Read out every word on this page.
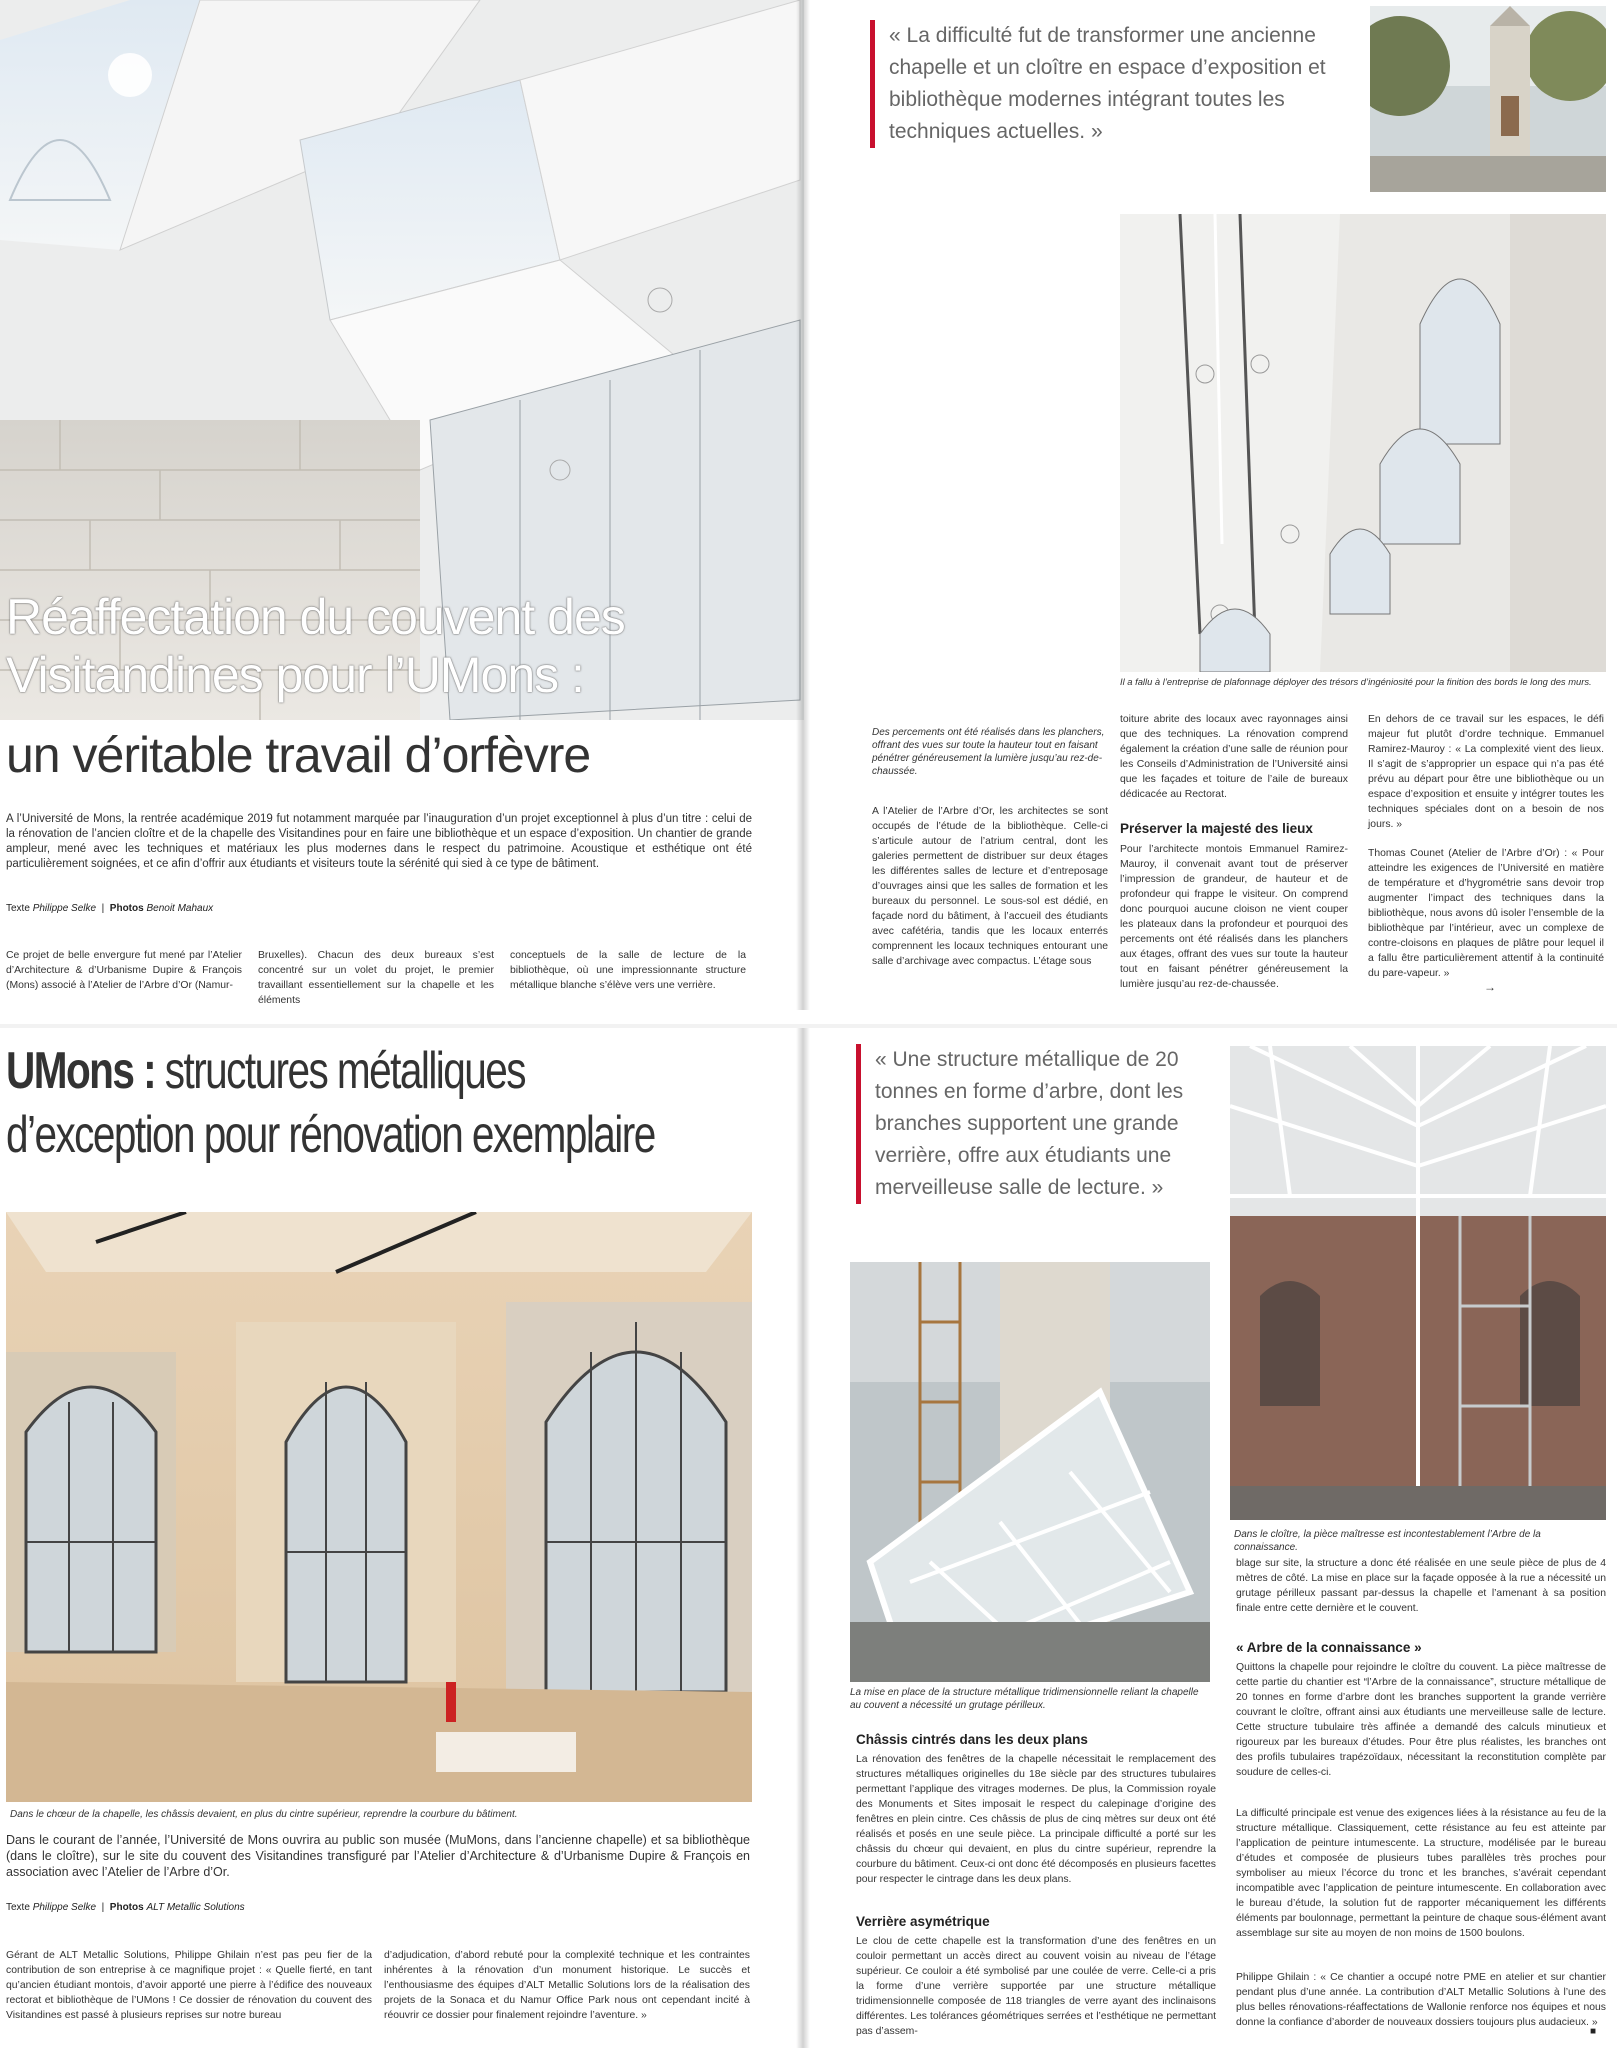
Réaffectation du couvent des
Visitandines pour l’UMons :
un véritable travail d’orfèvre
A l’Université de Mons, la rentrée académique 2019 fut notamment marquée par l’inauguration d’un projet exceptionnel à plus d’un titre : celui de la rénovation de l’ancien cloître et de la chapelle des Visitandines pour en faire une bibliothèque et un espace d’exposition. Un chantier de grande ampleur, mené avec les techniques et matériaux les plus modernes dans le respect du patrimoine. Acoustique et esthétique ont été particulièrement soignées, et ce afin d’offrir aux étudiants et visiteurs toute la sérénité qui sied à ce type de bâtiment.
Texte Philippe Selke | Photos Benoit Mahaux
Ce projet de belle envergure fut mené par l’Atelier d’Architecture & d’Urbanisme Dupire & François (Mons) associé à l’Atelier de l’Arbre d’Or (Namur-
Bruxelles). Chacun des deux bureaux s’est concentré sur un volet du projet, le premier travaillant essentiellement sur la chapelle et les éléments
conceptuels de la salle de lecture de la bibliothèque, où une impressionnante structure métallique blanche s’élève vers une verrière.
« La difficulté fut de transformer une ancienne chapelle et un cloître en espace d’exposition et bibliothèque modernes intégrant toutes les techniques actuelles. »
Il a fallu à l’entreprise de plafonnage déployer des trésors d’ingéniosité pour la finition des bords le long des murs.
Des percements ont été réalisés dans les planchers, offrant des vues sur toute la hauteur tout en faisant pénétrer généreusement la lumière jusqu’au rez-de-chaussée.
A l’Atelier de l’Arbre d’Or, les architectes se sont occupés de l’étude de la bibliothèque. Celle-ci s’articule autour de l’atrium central, dont les galeries permettent de distribuer sur deux étages les différentes salles de lecture et d’entreposage d’ouvrages ainsi que les salles de formation et les bureaux du personnel. Le sous-sol est dédié, en façade nord du bâtiment, à l’accueil des étudiants avec cafétéria, tandis que les locaux enterrés comprennent les locaux techniques entourant une salle d’archivage avec compactus. L’étage sous
toiture abrite des locaux avec rayonnages ainsi que des techniques. La rénovation comprend également la création d’une salle de réunion pour les Conseils d’Administration de l’Université ainsi que les façades et toiture de l’aile de bureaux dédicacée au Rectorat.
Préserver la majesté des lieux
Pour l’architecte montois Emmanuel Ramirez-Mauroy, il convenait avant tout de préserver l’impression de grandeur, de hauteur et de profondeur qui frappe le visiteur. On comprend donc pourquoi aucune cloison ne vient couper les plateaux dans la profondeur et pourquoi des percements ont été réalisés dans les planchers aux étages, offrant des vues sur toute la hauteur tout en faisant pénétrer généreusement la lumière jusqu’au rez-de-chaussée.
En dehors de ce travail sur les espaces, le défi majeur fut plutôt d’ordre technique. Emmanuel Ramirez-Mauroy : « La complexité vient des lieux. Il s’agit de s’approprier un espace qui n’a pas été prévu au départ pour être une bibliothèque ou un espace d’exposition et ensuite y intégrer toutes les techniques spéciales dont on a besoin de nos jours. »
Thomas Counet (Atelier de l’Arbre d’Or) : « Pour atteindre les exigences de l’Université en matière de température et d’hygrométrie sans devoir trop augmenter l’impact des techniques dans la bibliothèque, nous avons dû isoler l’ensemble de la bibliothèque par l’intérieur, avec un complexe de contre-cloisons en plaques de plâtre pour lequel il a fallu être particulièrement attentif à la continuité du pare-vapeur. »
→
UMons : structures métalliques
d’exception pour rénovation exemplaire
Dans le chœur de la chapelle, les châssis devaient, en plus du cintre supérieur, reprendre la courbure du bâtiment.
Dans le courant de l’année, l’Université de Mons ouvrira au public son musée (MuMons, dans l’ancienne chapelle) et sa bibliothèque (dans le cloître), sur le site du couvent des Visitandines transfiguré par l’Atelier d’Architecture & d’Urbanisme Dupire & François en association avec l’Atelier de l’Arbre d’Or.
Texte Philippe Selke | Photos ALT Metallic Solutions
Gérant de ALT Metallic Solutions, Philippe Ghilain n’est pas peu fier de la contribution de son entreprise à ce magnifique projet : « Quelle fierté, en tant qu’ancien étudiant montois, d’avoir apporté une pierre à l’édifice des nouveaux rectorat et bibliothèque de l’UMons ! Ce dossier de rénovation du couvent des Visitandines est passé à plusieurs reprises sur notre bureau
d’adjudication, d’abord rebuté pour la complexité technique et les contraintes inhérentes à la rénovation d’un monument historique. Le succès et l’enthousiasme des équipes d’ALT Metallic Solutions lors de la réalisation des projets de la Sonaca et du Namur Office Park nous ont cependant incité à réouvrir ce dossier pour finalement rejoindre l’aventure. »
« Une structure métallique de 20 tonnes en forme d’arbre, dont les branches supportent une grande verrière, offre aux étudiants une merveilleuse salle de lecture. »
La mise en place de la structure métallique tridimensionnelle reliant la chapelle au couvent a nécessité un grutage périlleux.
Dans le cloître, la pièce maîtresse est incontestablement l’Arbre de la connaissance.
Châssis cintrés dans les deux plans
La rénovation des fenêtres de la chapelle nécessitait le remplacement des structures métalliques originelles du 18e siècle par des structures tubulaires permettant l’applique des vitrages modernes. De plus, la Commission royale des Monuments et Sites imposait le respect du calepinage d’origine des fenêtres en plein cintre. Ces châssis de plus de cinq mètres sur deux ont été réalisés et posés en une seule pièce. La principale difficulté a porté sur les châssis du chœur qui devaient, en plus du cintre supérieur, reprendre la courbure du bâtiment. Ceux-ci ont donc été décomposés en plusieurs facettes pour respecter le cintrage dans les deux plans.
Verrière asymétrique
Le clou de cette chapelle est la transformation d’une des fenêtres en un couloir permettant un accès direct au couvent voisin au niveau de l’étage supérieur. Ce couloir a été symbolisé par une coulée de verre. Celle-ci a pris la forme d’une verrière supportée par une structure métallique tridimensionnelle composée de 118 triangles de verre ayant des inclinaisons différentes. Les tolérances géométriques serrées et l’esthétique ne permettant pas d’assem-
blage sur site, la structure a donc été réalisée en une seule pièce de plus de 4 mètres de côté. La mise en place sur la façade opposée à la rue a nécessité un grutage périlleux passant par-dessus la chapelle et l’amenant à sa position finale entre cette dernière et le couvent.
« Arbre de la connaissance »
Quittons la chapelle pour rejoindre le cloître du couvent. La pièce maîtresse de cette partie du chantier est “l’Arbre de la connaissance”, structure métallique de 20 tonnes en forme d’arbre dont les branches supportent la grande verrière couvrant le cloître, offrant ainsi aux étudiants une merveilleuse salle de lecture. Cette structure tubulaire très affinée a demandé des calculs minutieux et rigoureux par les bureaux d’études. Pour être plus réalistes, les branches ont des profils tubulaires trapézoïdaux, nécessitant la reconstitution complète par soudure de celles-ci.
La difficulté principale est venue des exigences liées à la résistance au feu de la structure métallique. Classiquement, cette résistance au feu est atteinte par l’application de peinture intumescente. La structure, modélisée par le bureau d’études et composée de plusieurs tubes parallèles très proches pour symboliser au mieux l’écorce du tronc et les branches, s’avérait cependant incompatible avec l’application de peinture intumescente. En collaboration avec le bureau d’étude, la solution fut de rapporter mécaniquement les différents éléments par boulonnage, permettant la peinture de chaque sous-élément avant assemblage sur site au moyen de non moins de 1500 boulons.
Philippe Ghilain : « Ce chantier a occupé notre PME en atelier et sur chantier pendant plus d’une année. La contribution d’ALT Metallic Solutions à l’une des plus belles rénovations-réaffectations de Wallonie renforce nos équipes et nous donne la confiance d’aborder de nouveaux dossiers toujours plus audacieux. »
■
